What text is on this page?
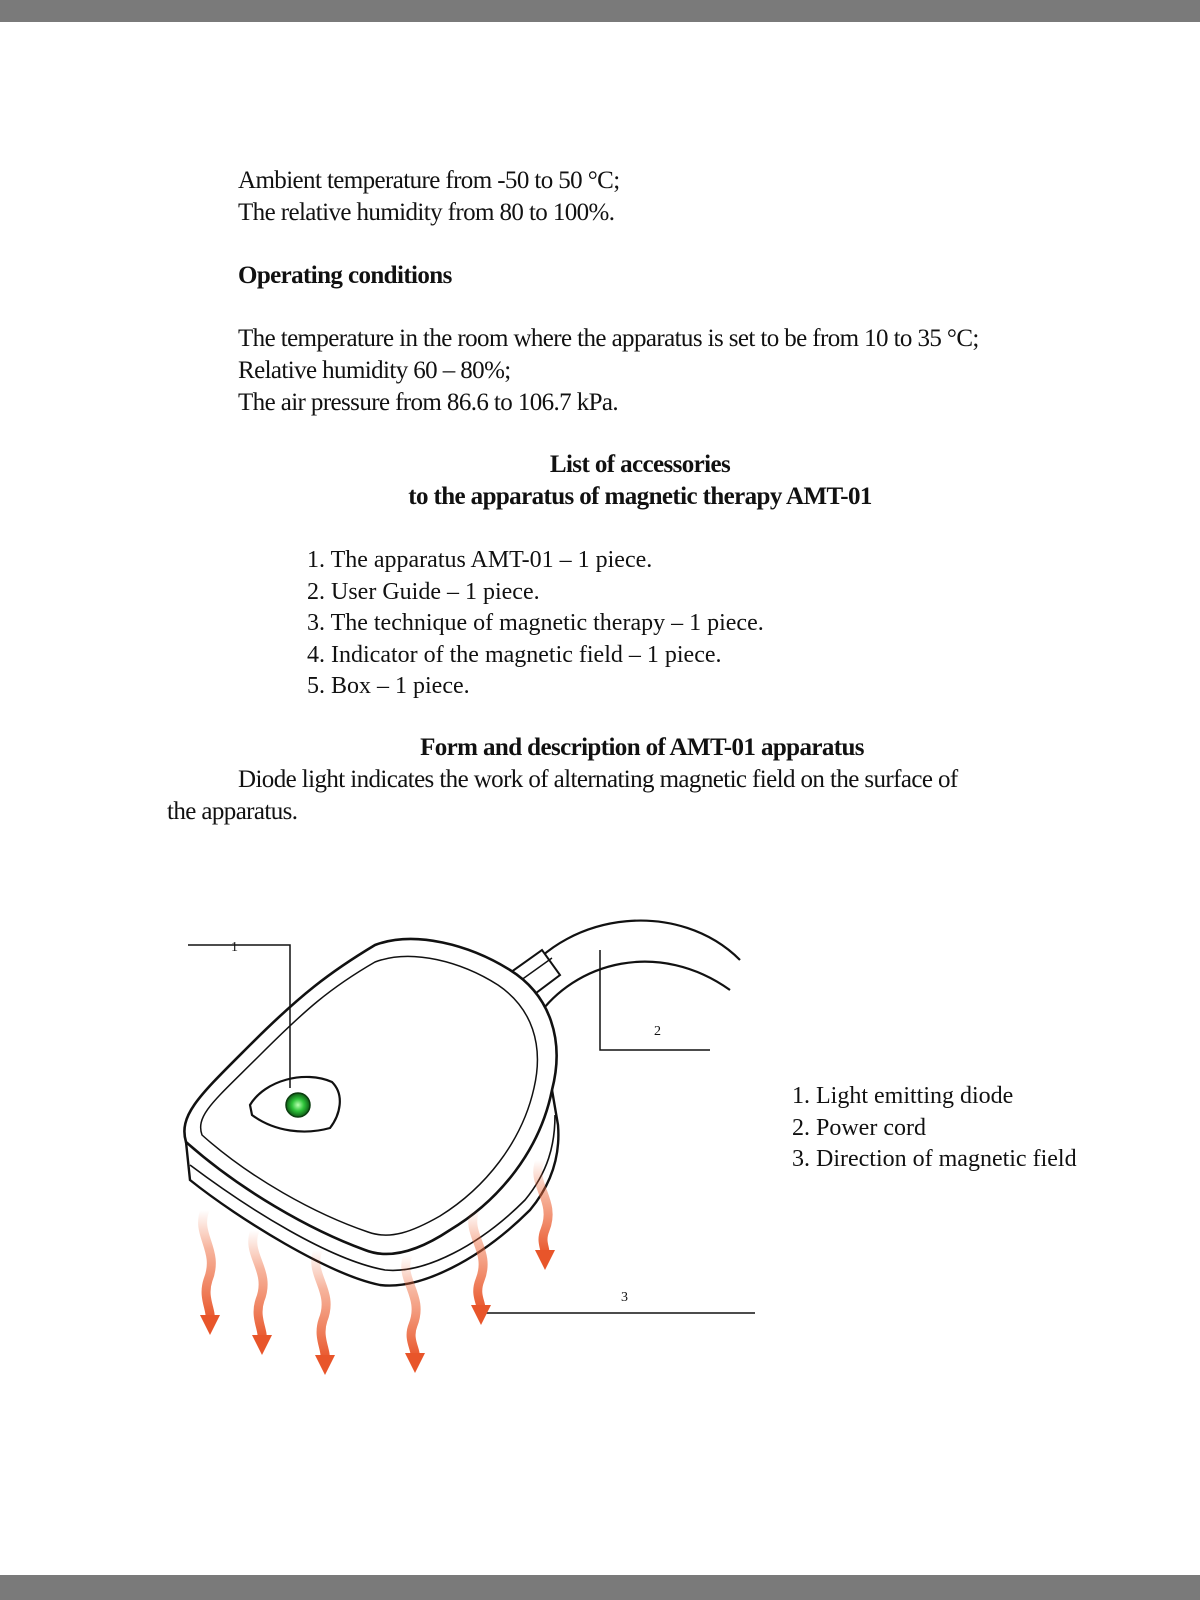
Ambient temperature from -50 to 50 °C;
The relative humidity from 80 to 100%.
Operating conditions
The temperature in the room where the apparatus is set to be from 10 to 35 °C;
Relative humidity 60 – 80%;
The air pressure from 86.6 to 106.7 kPa.
List of accessories
to the apparatus of magnetic therapy AMT-01
1. The apparatus AMT-01 – 1 piece.
2. User Guide – 1 piece.
3. The technique of magnetic therapy – 1 piece.
4. Indicator of the magnetic field – 1 piece.
5. Box – 1 piece.
Form and description of AMT-01 apparatus
Diode light indicates the work of alternating magnetic field on the surface of
the apparatus.
1
2
3
1. Light emitting diode
2. Power cord
3. Direction of magnetic field
